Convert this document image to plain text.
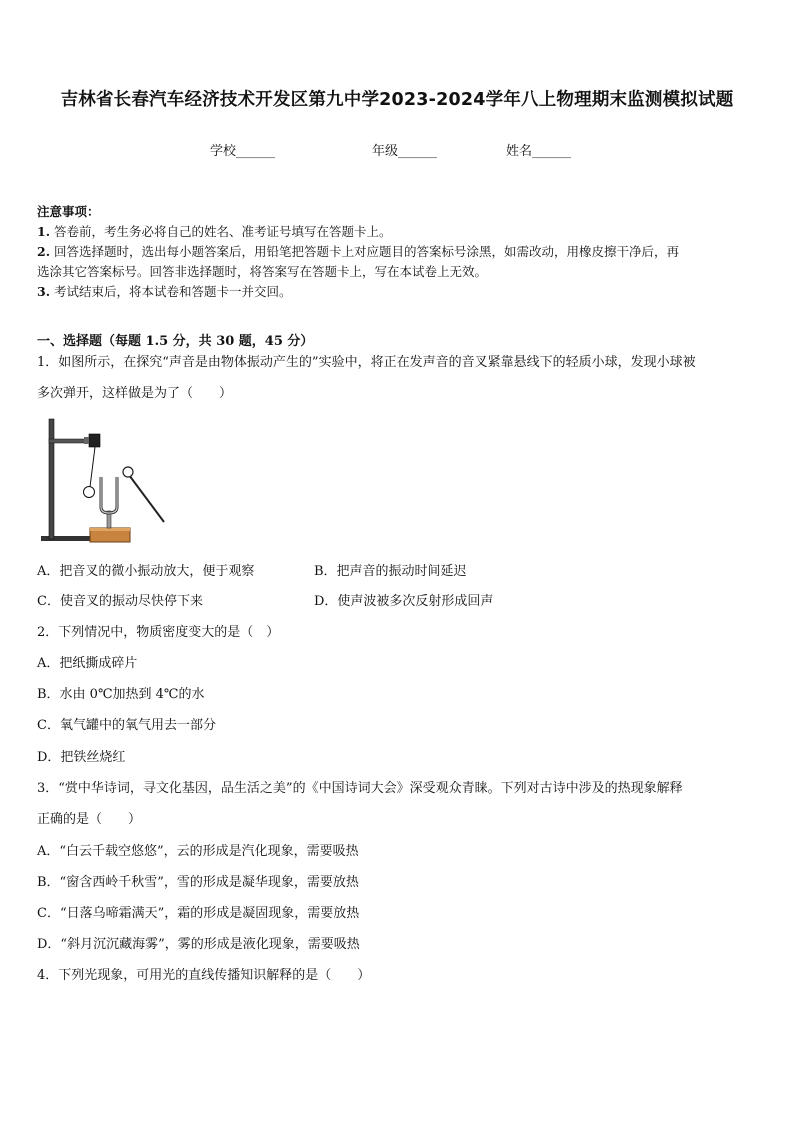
吉林省长春汽车经济技术开发区第九中学2023-2024学年八上物理期末监测模拟试题
学校______	年级______	姓名______
注意事项：
1. 答卷前，考生务必将自己的姓名、准考证号填写在答题卡上。
2. 回答选择题时，选出每小题答案后，用铅笔把答题卡上对应题目的答案标号涂黑，如需改动，用橡皮擦干净后，再
选涂其它答案标号。回答非选择题时，将答案写在答题卡上，写在本试卷上无效。
3. 考试结束后，将本试卷和答题卡一并交回。
一、选择题（每题 1.5 分，共 30 题，45 分）
1．如图所示，在探究“声音是由物体振动产生的”实验中，将正在发声音的音叉紧靠悬线下的轻质小球，发现小球被
多次弹开，这样做是为了（　　）
A．把音叉的微小振动放大，便于观察	B．把声音的振动时间延迟
C．使音叉的振动尽快停下来	D．使声波被多次反射形成回声
2．下列情况中，物质密度变大的是（　）
A．把纸撕成碎片
B．水由 0℃加热到 4℃的水
C．氧气罐中的氧气用去一部分
D．把铁丝烧红
3．“赏中华诗词，寻文化基因，品生活之美”的《中国诗词大会》深受观众青睐。下列对古诗中涉及的热现象解释
正确的是（　　）
A．“白云千载空悠悠”，云的形成是汽化现象，需要吸热
B．“窗含西岭千秋雪”，雪的形成是凝华现象，需要放热
C．“日落乌啼霜满天”，霜的形成是凝固现象，需要放热
D．“斜月沉沉藏海雾”，雾的形成是液化现象，需要吸热
4．下列光现象，可用光的直线传播知识解释的是（　　）
